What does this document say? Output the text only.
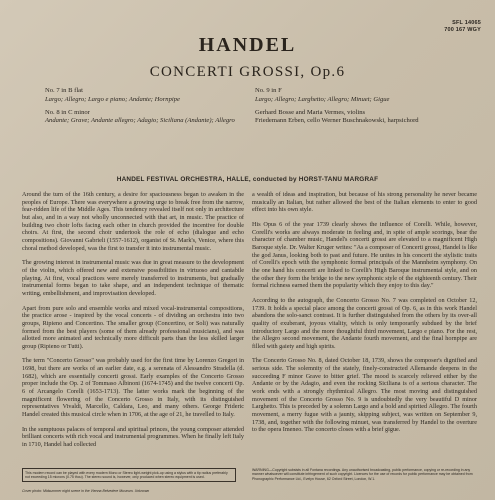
SFL 14065
700 167 WGY
HANDEL
CONCERTI GROSSI, Op.6
No. 7 in B flat
Largo; Allegro; Largo e piano; Andante; Hornpipe
No. 8 in C minor
Andante; Grave; Andante allegro; Adagio; Siciliana (Andante); Allegro
No. 9 in F
Largo; Allegro; Larghetto; Allegro; Minuet; Gigue
Gerhard Bosse and Maria Vermes, violins
Friedemann Erben, cello Werner Buschnakowski, harpsichord
HANDEL FESTIVAL ORCHESTRA, HALLE, conducted by HORST-TANU MARGRAF

Around the turn of the 16th century, a desire for spaciousness began to awaken in the peoples of Europe. There was everywhere a growing urge to break free from the narrow, fear-ridden life of the Middle Ages. This tendency revealed itself not only in architecture but also, and in a way not wholly unconnected with that art, in music. The practice of building two choir lofts facing each other in church provided the incentive for double choirs. At first, the second choir undertook the role of echo (dialogue and echo compositions). Giovanni Gabrieli (1557-1612), organist of St. Mark's, Venice, where this choral method developed, was the first to transfer it into instrumental music.

The growing interest in instrumental music was due in great measure to the development of the violin, which offered new and extensive possibilities in virtuoso and cantabile playing. At first, vocal practices were merely transferred to instruments, but gradually instrumental forms began to take shape, and an independent technique of thematic writing, embellishment, and improvisation developed.

Apart from pure solo and ensemble works and mixed vocal-instrumental compositions, the practice arose - inspired by the vocal concerts - of dividing an orchestra into two groups, Ripieno and Concertino. The smaller group (Concertino, or Soli) was naturally formed from the best players (some of them already professional musicians), and was allotted more animated and technically more difficult parts than the less skilled larger group (Ripieno or Tutti).

The term "Concerto Grosso" was probably used for the first time by Lorenzo Gregori in 1698, but there are works of an earlier date, e.g. a serenata of Alessandro Stradella (d. 1682), which are essentially concerti grossi. Early examples of the Concerto Grosso proper include the Op. 2 of Tommaso Albinoni (1674-1745) and the twelve concerti Op. 6 of Arcangelo Corelli (1653-1713). The latter works mark the beginning of the magnificent flowering of the Concerto Grosso in Italy, with its distinguished representatives Vivaldi, Marcello, Caldara, Leo, and many others. George Frideric Handel created this musical circle when in 1706, at the age of 21, he travelled to Italy.

In the sumptuous palaces of temporal and spiritual princes, the young composer attended brilliant concerts with rich vocal and instrumental programmes. When he finally left Italy in 1710, Handel had collected

a wealth of ideas and inspiration, but because of his strong personality he never became musically an Italian, but rather allowed the best of the Italian elements to enter to good effect into his own style.

His Opus 6 of the year 1739 clearly shows the influence of Corelli. While, however, Corelli's works are always moderate in feeling and, in spite of ample scorings, bear the character of chamber music, Handel's concerti grossi are elevated to a magnificent High Baroque style. Dr. Walter Kruger writes: "As a composer of Concerti grossi, Handel is like the god Janus, looking both to past and future. He unites in his concerti the stylistic traits of Corelli's epoch with the symphonic formal principals of the Mannheim symphony. On the one hand his concerti are linked to Corelli's High Baroque instrumental style, and on the other they form the bridge to the new symphonic style of the eighteenth century. Their formal richness earned them the popularity which they enjoy to this day."

According to the autograph, the Concerto Grosso No. 7 was completed on October 12, 1739. It holds a special place among the concerti grossi of Op. 6, as in this work Handel abandons the solo-sanct contrast. It is further distinguished from the others by its over-all quality of exuberant, joyous vitality, which is only temporarily subdued by the brief introductory Largo and the more thoughtful third movement, Largo e piano. For the rest, the Allegro second movement, the Andante fourth movement, and the final hornpipe are filled with gaiety and high spirits.

The Concerto Grosso No. 8, dated October 18, 1739, shows the composer's dignified and serious side. The solemnity of the stately, finely-constructed Allemande deepens in the succeeding F minor Grave to bitter grief. The mood is scarcely relieved either by the Andante or by the Adagio, and even the rocking Siciliana is of a serious character. The work ends with a strongly rhythmical Allegro. The most moving and distinguished movement of the Concerto Grosso No. 9 is undoubtedly the very beautiful D minor Larghetto. This is preceded by a solemn Largo and a bold and spirited Allegro. The fourth movement, a merry fugue with a jaunty, skipping subject, was written on September 9, 1738, and, together with the following minuet, was transferred by Handel to the overture to the opera Imeneo. The concerto closes with a brief gigue.

This modern record can be played with every modern Mono or Stereo light-weight pick-up using a stylus with a tip radius preferably not exceeding 15 microns (0.75 thou). The stereo sound is, however, only produced when stereo equipment is used.
WARNING—Copyright subsists in all Fontana recordings. Any unauthorised broadcasting, public performance, copying or re-recording in any manner whatsoever will constitute infringement of such copyright. Licences for the use of records for public performance may be obtained from Phonographic Performance Ltd., Evelyn House, 62 Oxford Street, London, W.1.
Cover photo: Midsummer night scene in the Vienna Belvedere Museum. Unknown
